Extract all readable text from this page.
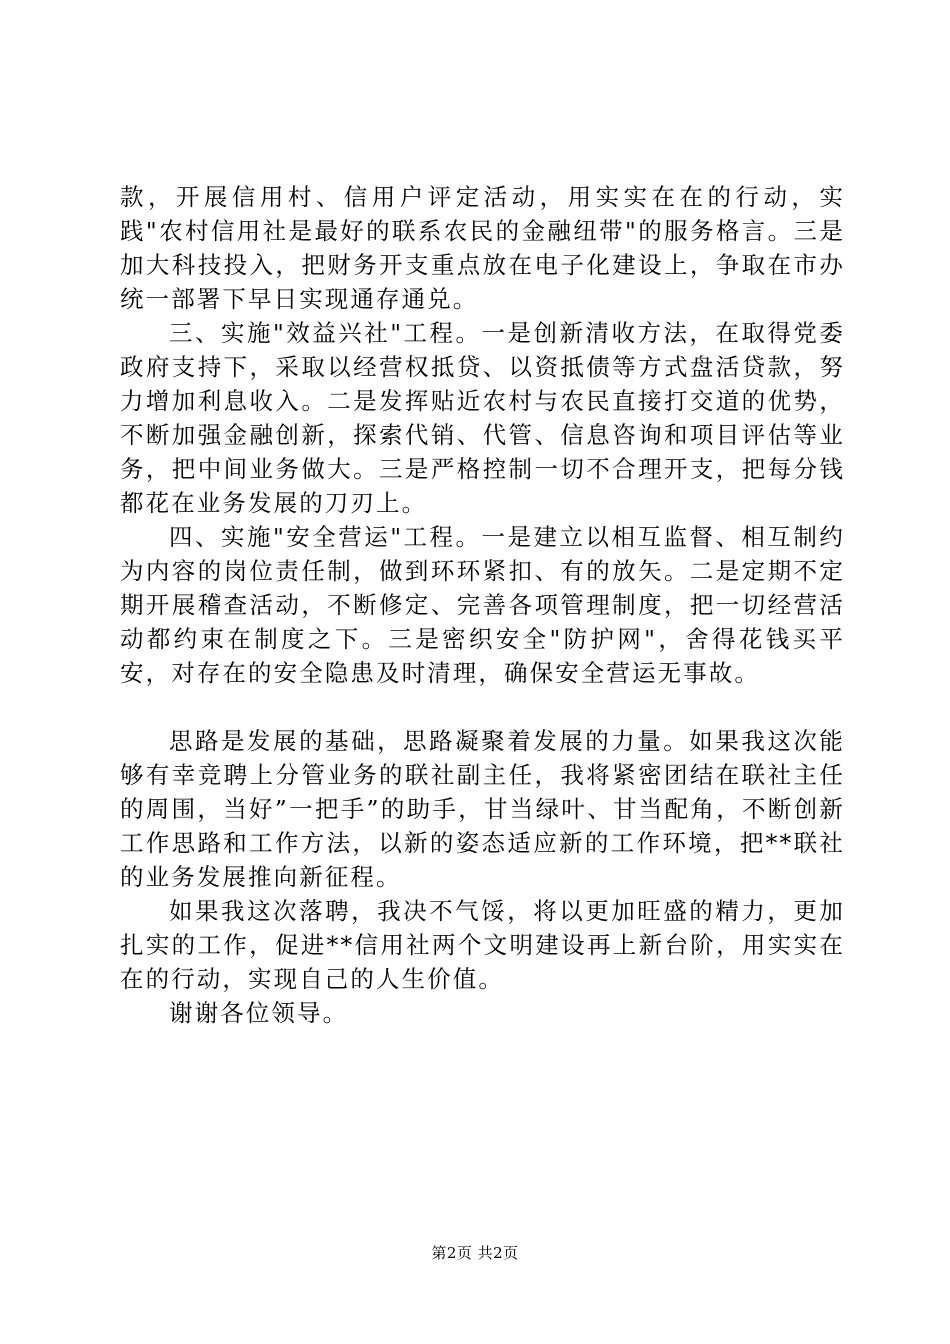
款，开展信用村、信用户评定活动，用实实在在的行动，实践"农村信用社是最好的联系农民的金融纽带"的服务格言。三是加大科技投入，把财务开支重点放在电子化建设上，争取在市办统一部署下早日实现通存通兑。

三、实施"效益兴社"工程。一是创新清收方法，在取得党委政府支持下，采取以经营权抵贷、以资抵债等方式盘活贷款，努力增加利息收入。二是发挥贴近农村与农民直接打交道的优势，不断加强金融创新，探索代销、代管、信息咨询和项目评估等业务，把中间业务做大。三是严格控制一切不合理开支，把每分钱都花在业务发展的刀刃上。

四、实施"安全营运"工程。一是建立以相互监督、相互制约为内容的岗位责任制，做到环环紧扣、有的放矢。二是定期不定期开展稽查活动，不断修定、完善各项管理制度，把一切经营活动都约束在制度之下。三是密织安全"防护网"，舍得花钱买平安，对存在的安全隐患及时清理，确保安全营运无事故。

思路是发展的基础，思路凝聚着发展的力量。如果我这次能够有幸竞聘上分管业务的联社副主任，我将紧密团结在联社主任的周围，当好”一把手”的助手，甘当绿叶、甘当配角，不断创新工作思路和工作方法，以新的姿态适应新的工作环境，把**联社的业务发展推向新征程。

如果我这次落聘，我决不气馁，将以更加旺盛的精力，更加扎实的工作，促进**信用社两个文明建设再上新台阶，用实实在在的行动，实现自己的人生价值。

谢谢各位领导。

第2页 共2页
